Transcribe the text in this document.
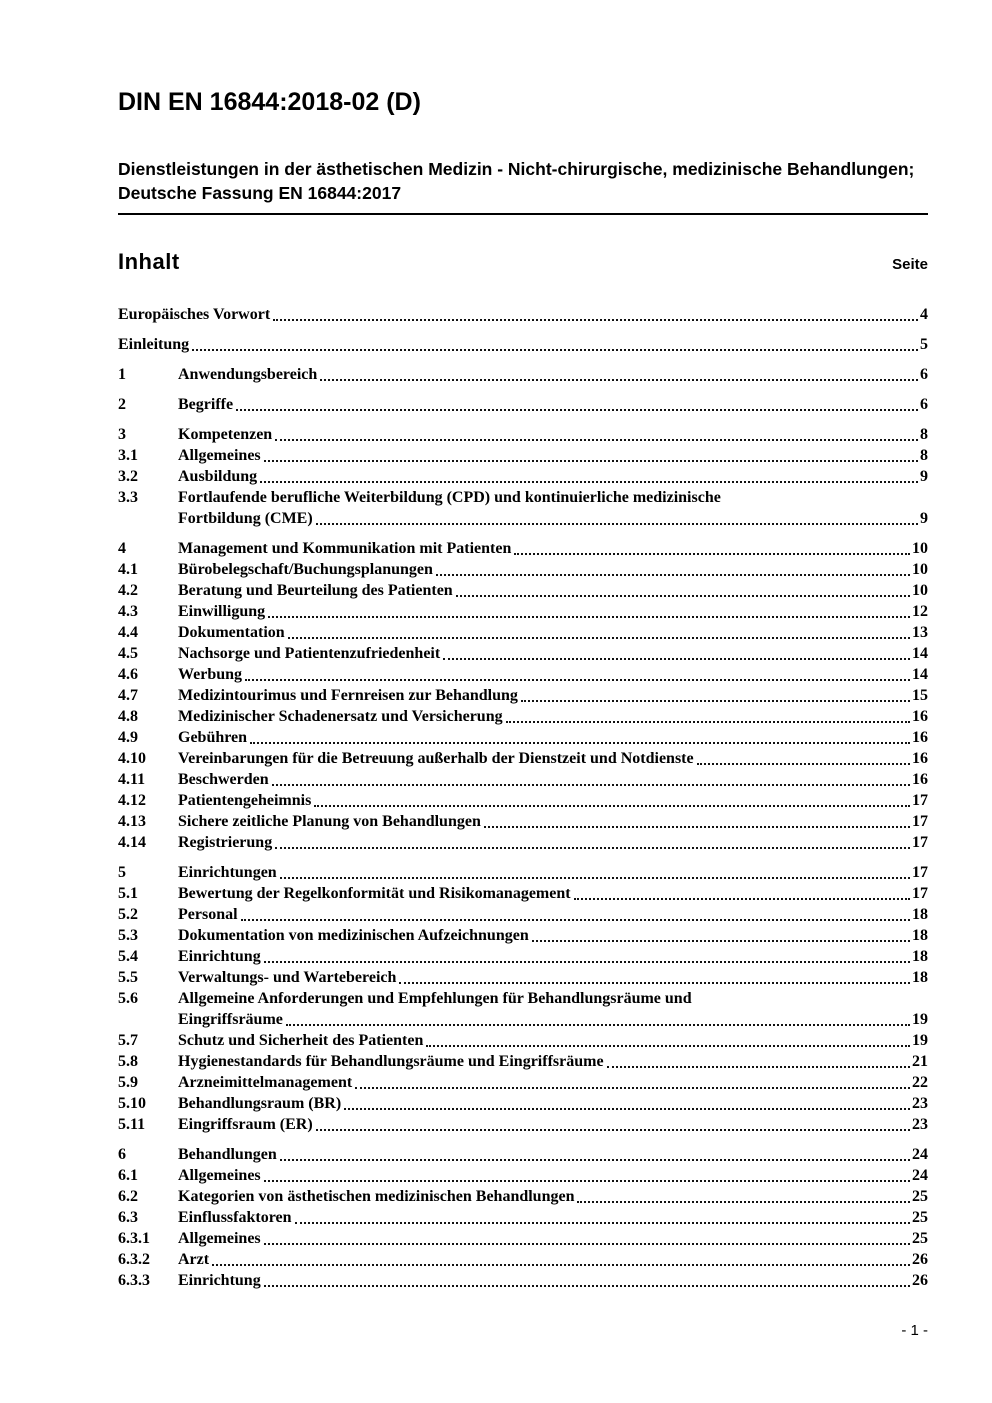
DIN EN 16844:2018-02 (D)
Dienstleistungen in der ästhetischen Medizin - Nicht-chirurgische, medizinische Behandlungen; Deutsche Fassung EN 16844:2017
Inhalt	Seite
Europäisches Vorwort	4
Einleitung	5
1	Anwendungsbereich	6
2	Begriffe	6
3	Kompetenzen	8
3.1	Allgemeines	8
3.2	Ausbildung	9
3.3	Fortlaufende berufliche Weiterbildung (CPD) und kontinuierliche medizinische
Fortbildung (CME)	9
4	Management und Kommunikation mit Patienten	10
4.1	Bürobelegschaft/Buchungsplanungen	10
4.2	Beratung und Beurteilung des Patienten	10
4.3	Einwilligung	12
4.4	Dokumentation	13
4.5	Nachsorge und Patientenzufriedenheit	14
4.6	Werbung	14
4.7	Medizintourimus und Fernreisen zur Behandlung	15
4.8	Medizinischer Schadenersatz und Versicherung	16
4.9	Gebühren	16
4.10	Vereinbarungen für die Betreuung außerhalb der Dienstzeit und Notdienste	16
4.11	Beschwerden	16
4.12	Patientengeheimnis	17
4.13	Sichere zeitliche Planung von Behandlungen	17
4.14	Registrierung	17
5	Einrichtungen	17
5.1	Bewertung der Regelkonformität und Risikomanagement	17
5.2	Personal	18
5.3	Dokumentation von medizinischen Aufzeichnungen	18
5.4	Einrichtung	18
5.5	Verwaltungs- und Wartebereich	18
5.6	Allgemeine Anforderungen und Empfehlungen für Behandlungsräume und
Eingriffsräume	19
5.7	Schutz und Sicherheit des Patienten	19
5.8	Hygienestandards für Behandlungsräume und Eingriffsräume	21
5.9	Arzneimittelmanagement	22
5.10	Behandlungsraum (BR)	23
5.11	Eingriffsraum (ER)	23
6	Behandlungen	24
6.1	Allgemeines	24
6.2	Kategorien von ästhetischen medizinischen Behandlungen	25
6.3	Einflussfaktoren	25
6.3.1	Allgemeines	25
6.3.2	Arzt	26
6.3.3	Einrichtung	26
- 1 -
